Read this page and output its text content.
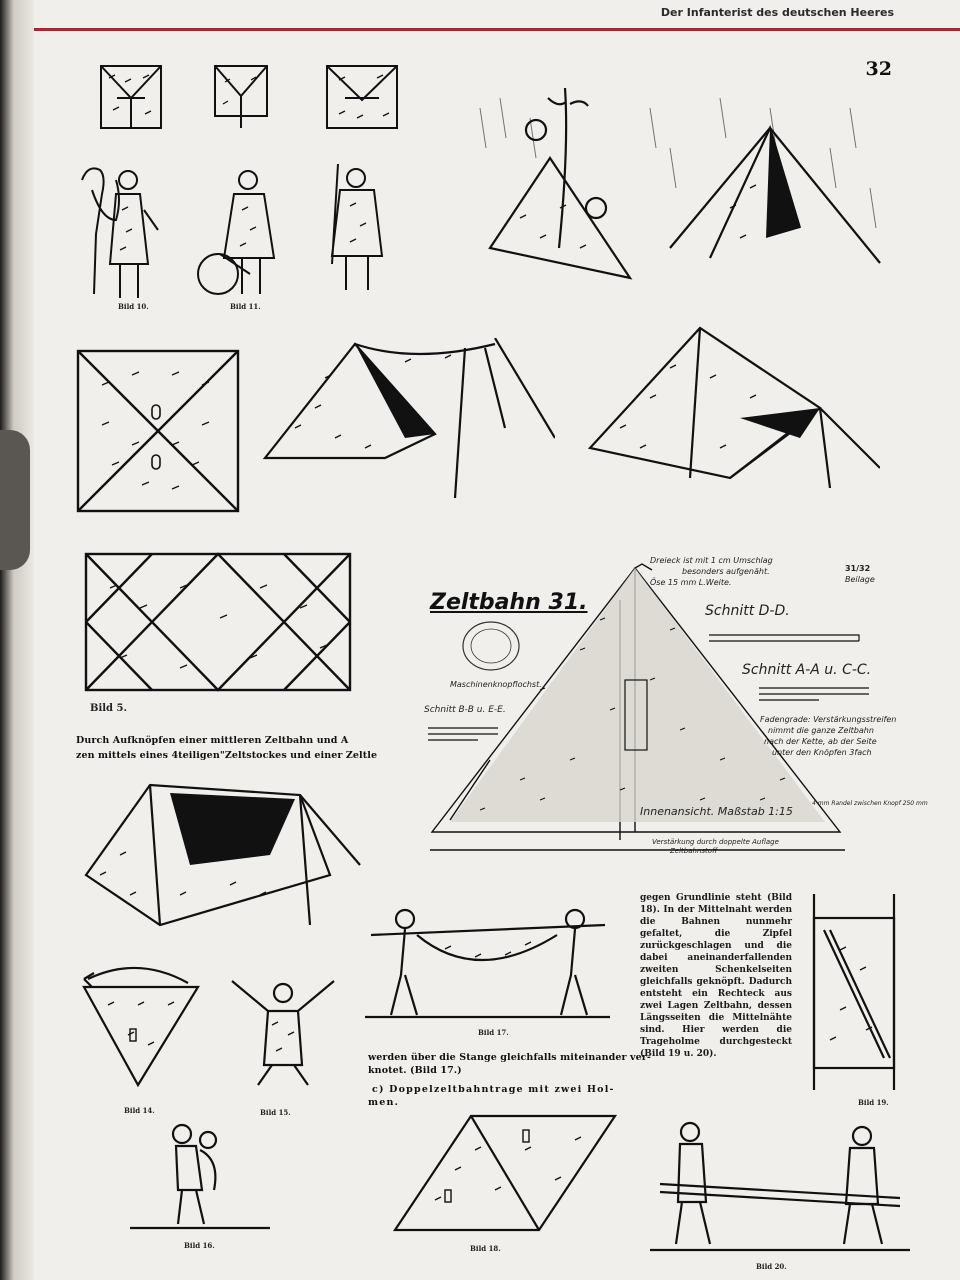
Der Infanterist des deutschen Heeres
32
Bild 10.	Bild 11.
Bild 5.
Durch Aufknöpfen einer mittleren Zeltbahn und A
zen mittels eines 4teiligen"Zeltstockes und einer Zeltle
Zeltbahn 31.
31/32
Beilage
Dreieck ist mit 1 cm Umschlag
besonders aufgenäht.
Öse 15 mm L.Weite.
Maschinenknopflochst.
Schnitt D-D.
Schnitt A-A u. C-C.
Fadengrade: Verstärkungsstreifen
nimmt die ganze Zeltbahn
nach der Kette, ab der Seite
unter den Knöpfen 3fach
Schnitt B-B u. E-E.
Innenansicht. Maßstab 1:15
4 mm Randel zwischen Knopf 250 mm
Verstärkung durch doppelte Auflage
Zeltbahnstoff
Bild 14.	Bild 15.
Bild 16.
Bild 17.
werden über die Stange gleichfalls miteinander ver-
knotet. (Bild 17.)
c) Doppelzeltbahntrage mit zwei Hol-
men.
Bild 18.
gegen Grundlinie steht (Bild 18). In der Mittelnaht werden die Bahnen nunmehr gefaltet, die Zipfel zurückgeschlagen und die dabei aneinanderfallenden zweiten Schenkelseiten gleichfalls geknöpft. Dadurch entsteht ein Rechteck aus zwei Lagen Zeltbahn, dessen Längsseiten die Mittelnähte sind. Hier werden die Trageholme durchgesteckt (Bild 19 u. 20).
Bild 19.
Bild 20.
